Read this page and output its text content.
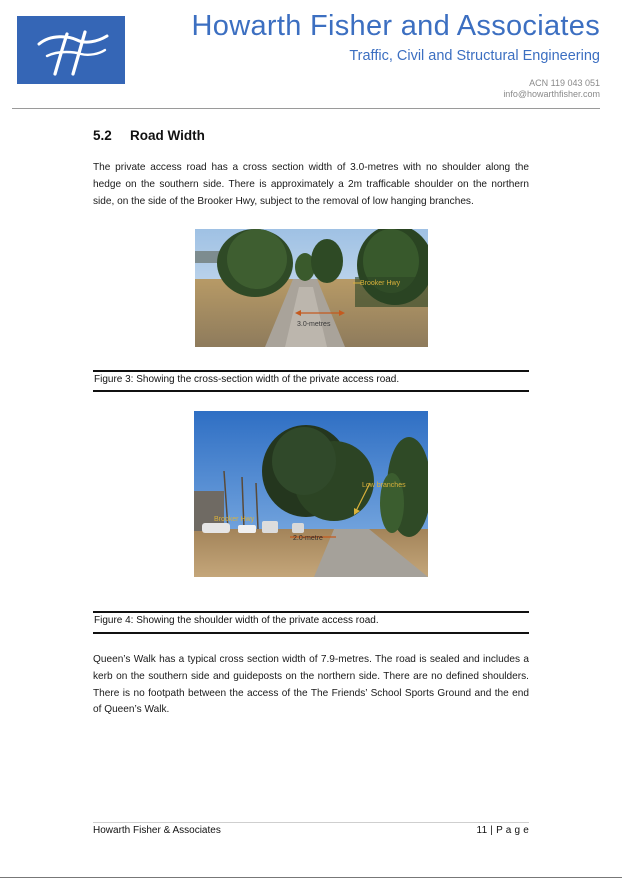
Howarth Fisher and Associates
Traffic, Civil and Structural Engineering
ACN 119 043 051
info@howarthfisher.com
5.2 Road Width
The private access road has a cross section width of 3.0-metres with no shoulder along the hedge on the southern side. There is approximately a 2m trafficable shoulder on the northern side, on the side of the Brooker Hwy, subject to the removal of low hanging branches.
Brooker Hwy
3.0-metres
Figure 3: Showing the cross-section width of the private access road.
Low branches
Brooker Hwy
2.0-metre
Figure 4: Showing the shoulder width of the private access road.
Queen’s Walk has a typical cross section width of 7.9-metres. The road is sealed and includes a kerb on the southern side and guideposts on the northern side. There are no defined shoulders. There is no footpath between the access of the The Friends’ School Sports Ground and the end of Queen’s Walk.
Howarth Fisher & Associates	11 | P a g e
